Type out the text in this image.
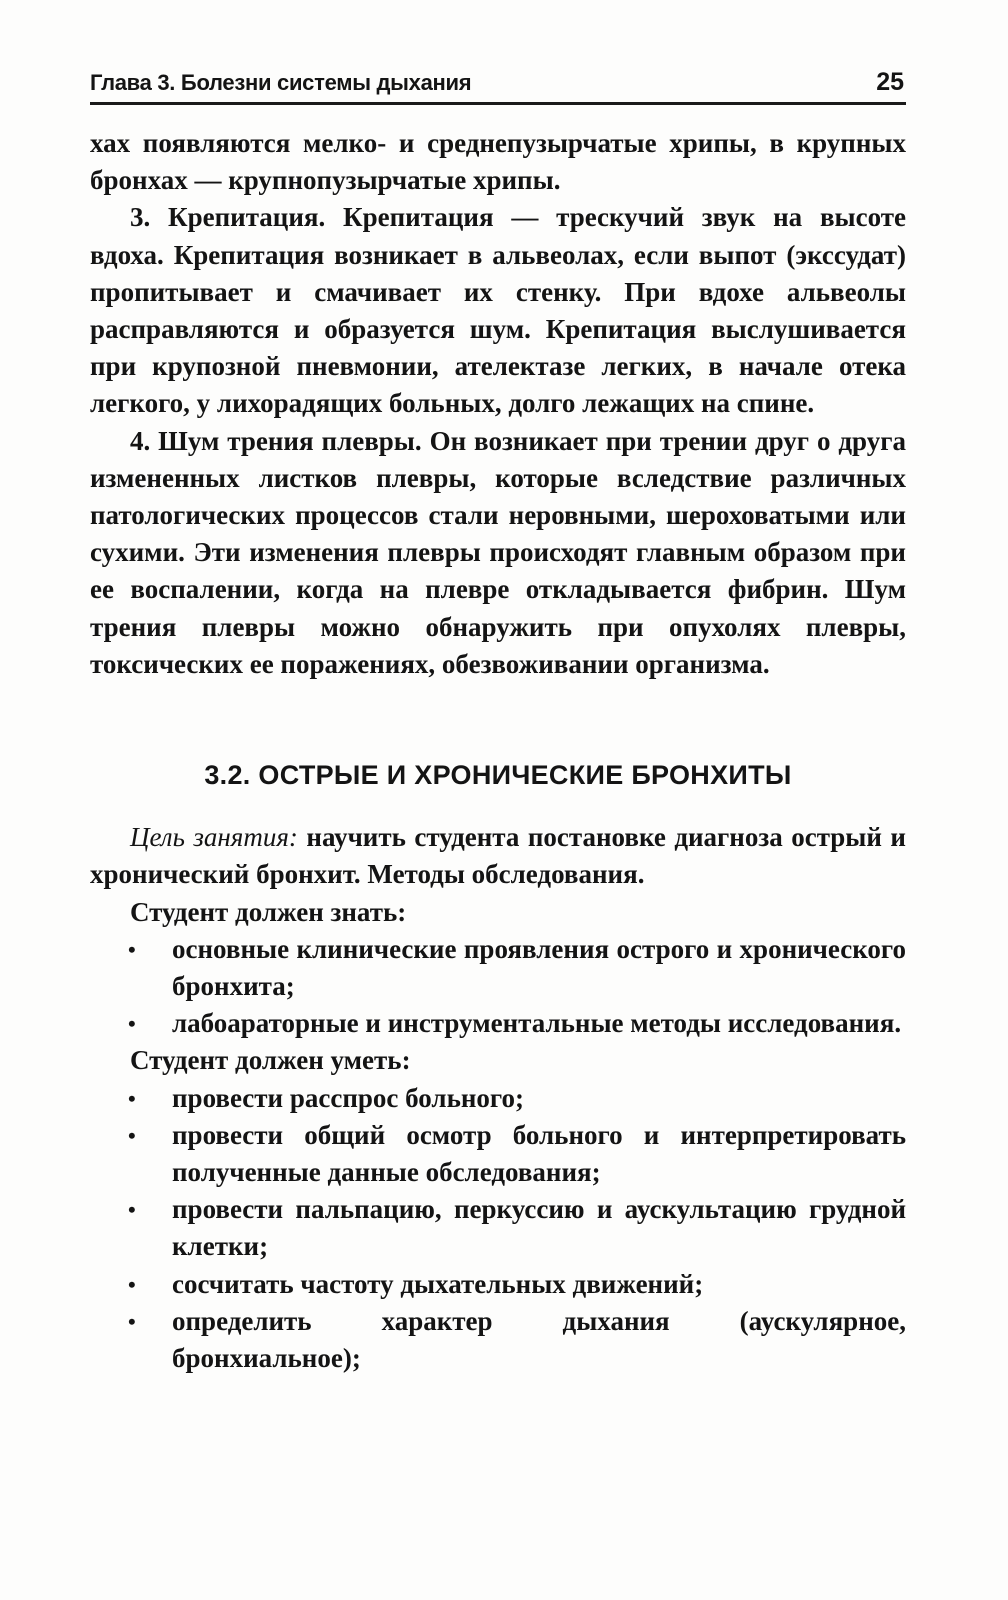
Глава 3. Болезни системы дыхания	25

хах появляются мелко- и среднепузырчатые хрипы, в крупных бронхах — крупнопузырчатые хрипы.

3. Крепитация. Крепитация — трескучий звук на высоте вдоха. Крепитация возникает в альвеолах, если выпот (экссудат) пропитывает и смачивает их стенку. При вдохе альвеолы расправляются и образуется шум. Крепитация выслушивается при крупозной пневмонии, ателектазе легких, в начале отека легкого, у лихорадящих больных, долго лежащих на спине.

4. Шум трения плевры. Он возникает при трении друг о друга измененных листков плевры, которые вследствие различных патологических процессов стали неровными, шероховатыми или сухими. Эти изменения плевры происходят главным образом при ее воспалении, когда на плевре откладывается фибрин. Шум трения плевры можно обнаружить при опухолях плевры, токсических ее поражениях, обезвоживании организма.

3.2. ОСТРЫЕ И ХРОНИЧЕСКИЕ БРОНХИТЫ

Цель занятия: научить студента постановке диагноза острый и хронический бронхит. Методы обследования.

Студент должен знать:

• основные клинические проявления острого и хронического бронхита;
• лабоараторные и инструментальные методы исследования.

Студент должен уметь:

• провести расспрос больного;
• провести общий осмотр больного и интерпретировать полученные данные обследования;
• провести пальпацию, перкуссию и аускультацию грудной клетки;
• сосчитать частоту дыхательных движений;
• определить характер дыхания (аускулярное, бронхиальное);
